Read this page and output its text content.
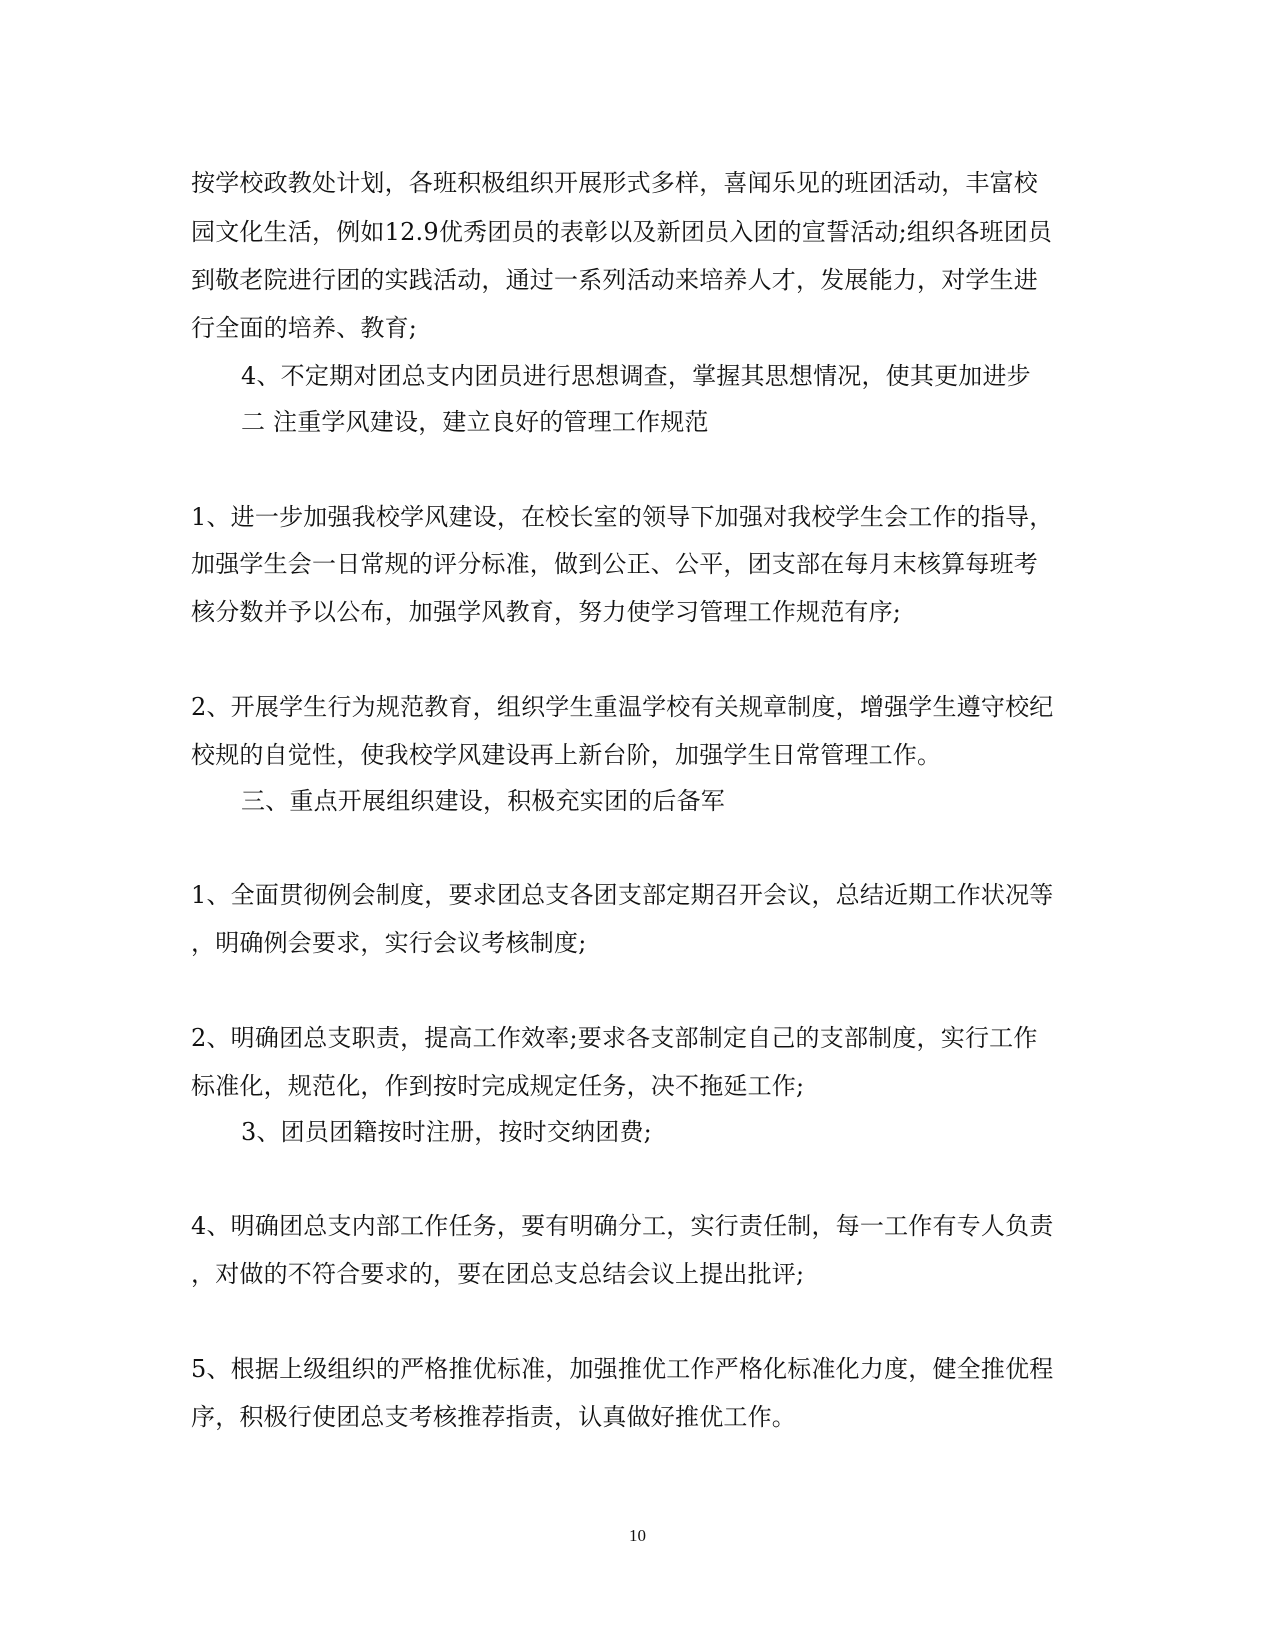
按学校政教处计划，各班积极组织开展形式多样，喜闻乐见的班团活动，丰富校
园文化生活，例如12.9优秀团员的表彰以及新团员入团的宣誓活动;组织各班团员
到敬老院进行团的实践活动，通过一系列活动来培养人才，发展能力，对学生进
行全面的培养、教育;
4、不定期对团总支内团员进行思想调查，掌握其思想情况，使其更加进步
二 注重学风建设，建立良好的管理工作规范
1、进一步加强我校学风建设，在校长室的领导下加强对我校学生会工作的指导，
加强学生会一日常规的评分标准，做到公正、公平，团支部在每月末核算每班考
核分数并予以公布，加强学风教育，努力使学习管理工作规范有序;
2、开展学生行为规范教育，组织学生重温学校有关规章制度，增强学生遵守校纪
校规的自觉性，使我校学风建设再上新台阶，加强学生日常管理工作。
三、重点开展组织建设，积极充实团的后备军
1、全面贯彻例会制度，要求团总支各团支部定期召开会议，总结近期工作状况等
，明确例会要求，实行会议考核制度;
2、明确团总支职责，提高工作效率;要求各支部制定自己的支部制度，实行工作
标准化，规范化，作到按时完成规定任务，决不拖延工作;
3、团员团籍按时注册，按时交纳团费;
4、明确团总支内部工作任务，要有明确分工，实行责任制，每一工作有专人负责
，对做的不符合要求的，要在团总支总结会议上提出批评;
5、根据上级组织的严格推优标准，加强推优工作严格化标准化力度，健全推优程
序，积极行使团总支考核推荐指责，认真做好推优工作。
10
